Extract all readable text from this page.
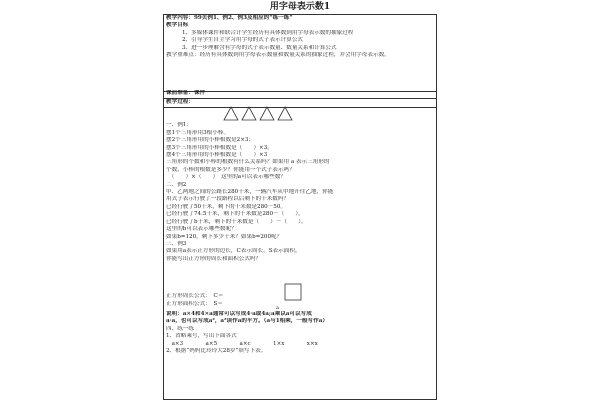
用字母表示数1
教学内容：99页例1、例2、例3及相应的“练一练”
教学目标
1、多媒体课件和联合计学生经历有具体数到用字母表示数的抽象过程
2、引导学生自主学习用字母的式子表示计算公式
3、进一步理解含有字母的式子表示数量、数量关系和计算公式
教学重难点：经历有具体数到用字母表示数量和数量关系的抽象过程，并会用字母表示数。
课前准备：课件
教学过程：
一、例1：
摆1个三角形用3根小棒。
摆2个三角形用的小棒根数是2×3；
摆3个三角形用的小棒根数是（　　）×3。
摆4个三角形用的小棒根数是（　　）×3
三角形的个数和小棒的根数有什么关系吗？如果用 a 表示三角形的
个数，小棒的根数是多少？你能用一个式子表示吗？
　（　　）×（　　）　这里的a可以表示哪些数？
二、例2
甲、乙两地之间的公路长280千米，一辆汽车从甲地开往乙地，你能
用式子表示行驶了一段路程以后剩下的千米数吗？
已经行驶了50千米，剩下的千米数是280－50。
已经行驶了74.5千米，剩下的千米数是280－（　　）。
已经行驶了b千米，剩下的千米数是（　　）－（　　）。
这里的b可以表示哪些数呢？
如果b=120，剩下多少千米？如果b=200呢？
三、例3
如果用a表示正方形的边长，C表示周长，S表示面积。
你能写出正方形的周长和面积公式吗？
a
正方形周长公式：　C＝
正方形面积公式：　S＝
说明：a×4和4×a通常可以写成4·a或4a;a乘以a可以写成
a·a，也可以写成a²，a²读作a的平方。（a与1相乘，一般写作a）
四、练一练
1、省略乘号，写出下面各式
　a×3　　　　a×5　　　　a×c　　　　1×x　　　　x×x
2、根据“妈妈比玲玲大28岁”填写下表。
